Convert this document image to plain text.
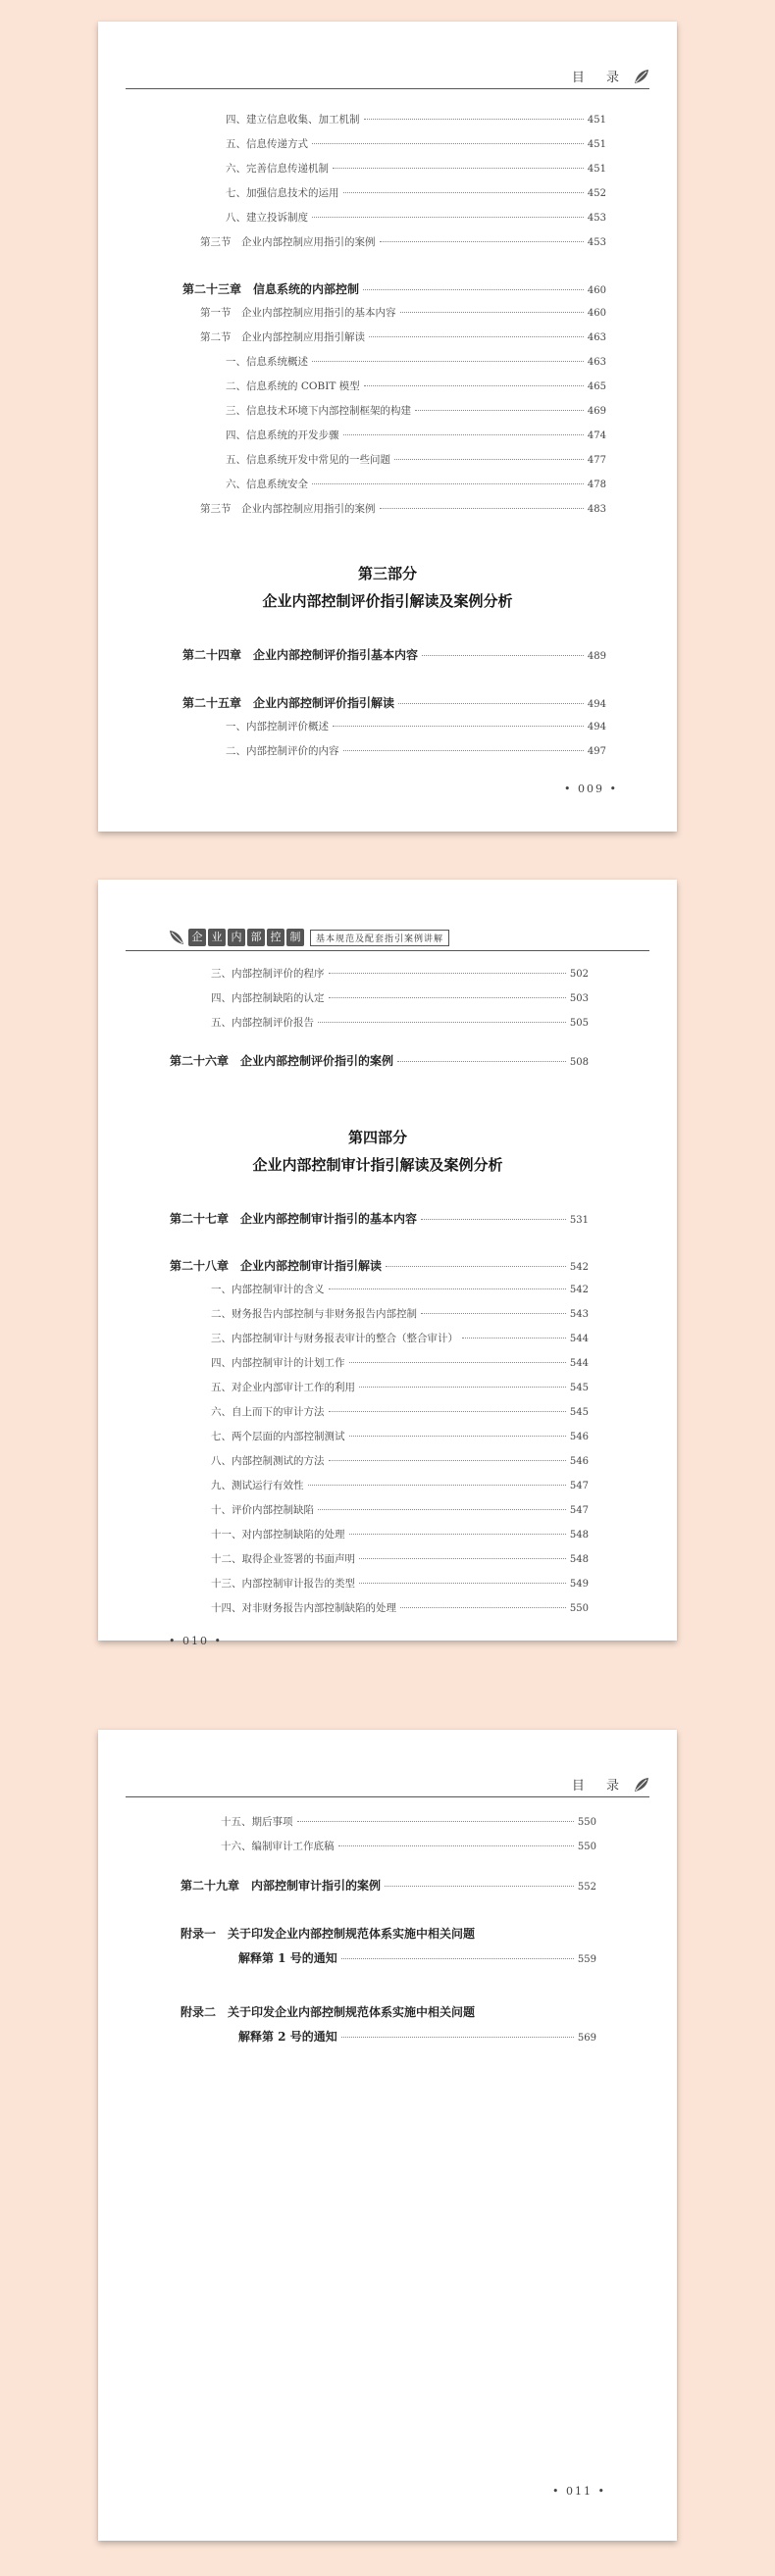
目 录
四、建立信息收集、加工机制	451
五、信息传递方式	451
六、完善信息传递机制	451
七、加强信息技术的运用	452
八、建立投诉制度	453
第三节　企业内部控制应用指引的案例	453
第二十三章　信息系统的内部控制	460
第一节　企业内部控制应用指引的基本内容	460
第二节　企业内部控制应用指引解读	463
一、信息系统概述	463
二、信息系统的 COBIT 模型	465
三、信息技术环境下内部控制框架的构建	469
四、信息系统的开发步骤	474
五、信息系统开发中常见的一些问题	477
六、信息系统安全	478
第三节　企业内部控制应用指引的案例	483
第三部分
企业内部控制评价指引解读及案例分析
第二十四章　企业内部控制评价指引基本内容	489
第二十五章　企业内部控制评价指引解读	494
一、内部控制评价概述	494
二、内部控制评价的内容	497
• 009 •
企 业 内 部 控 制	基本规范及配套指引案例讲解
三、内部控制评价的程序	502
四、内部控制缺陷的认定	503
五、内部控制评价报告	505
第二十六章　企业内部控制评价指引的案例	508
第四部分
企业内部控制审计指引解读及案例分析
第二十七章　企业内部控制审计指引的基本内容	531
第二十八章　企业内部控制审计指引解读	542
一、内部控制审计的含义	542
二、财务报告内部控制与非财务报告内部控制	543
三、内部控制审计与财务报表审计的整合（整合审计）	544
四、内部控制审计的计划工作	544
五、对企业内部审计工作的利用	545
六、自上而下的审计方法	545
七、两个层面的内部控制测试	546
八、内部控制测试的方法	546
九、测试运行有效性	547
十、评价内部控制缺陷	547
十一、对内部控制缺陷的处理	548
十二、取得企业签署的书面声明	548
十三、内部控制审计报告的类型	549
十四、对非财务报告内部控制缺陷的处理	550
• 010 •
目 录
十五、期后事项	550
十六、编制审计工作底稿	550
第二十九章　内部控制审计指引的案例	552
附录一　关于印发企业内部控制规范体系实施中相关问题
解释第 1 号的通知	559
附录二　关于印发企业内部控制规范体系实施中相关问题
解释第 2 号的通知	569
• 011 •
